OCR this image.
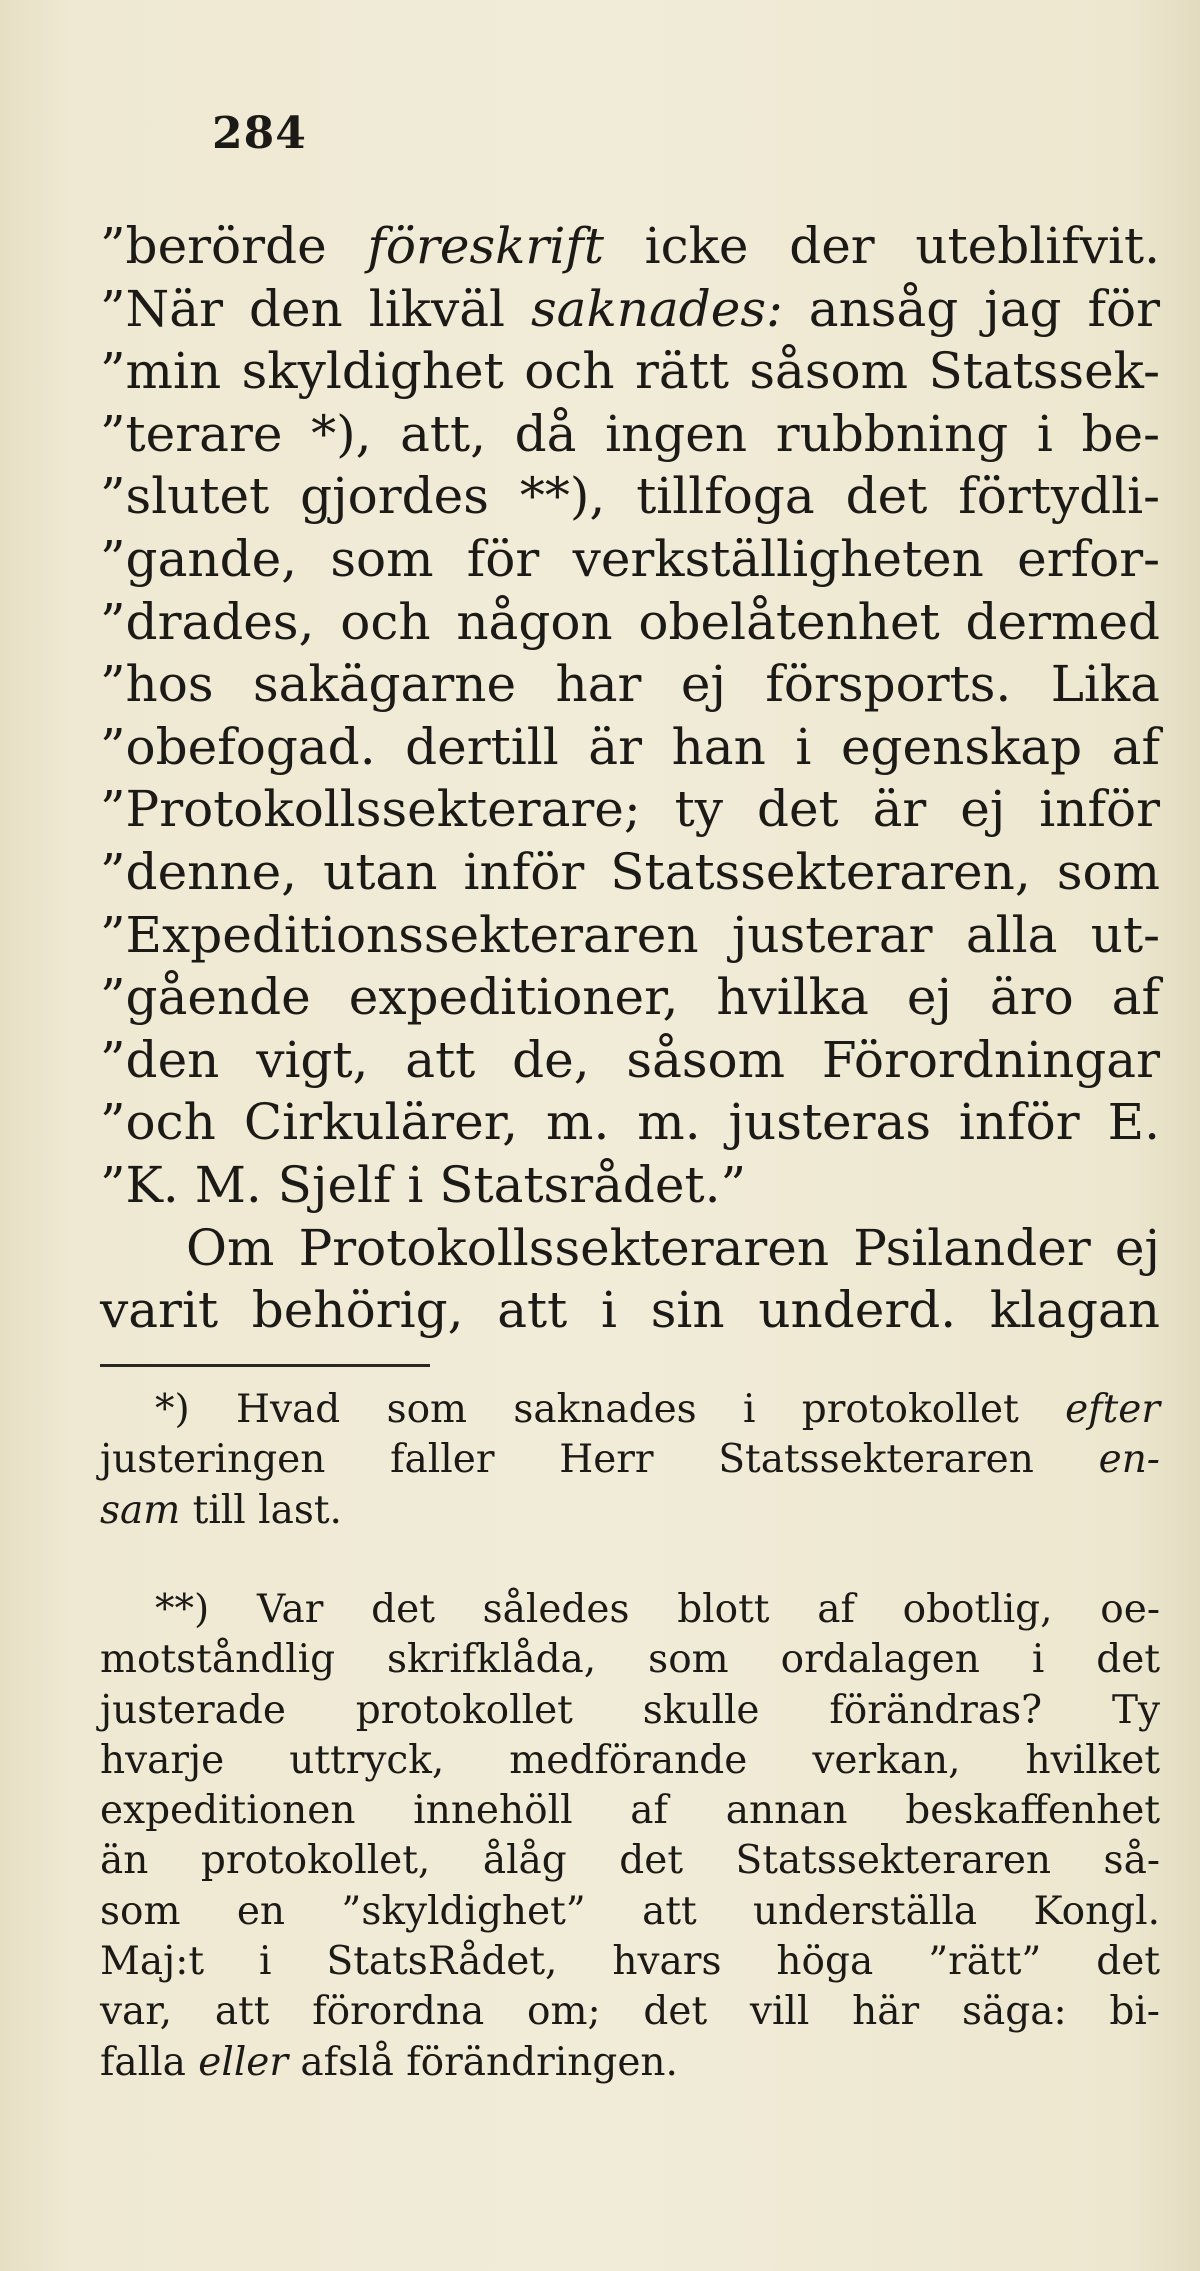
284
”berörde föreskrift icke der uteblifvit.
”När den likväl saknades: ansåg jag för
”min skyldighet och rätt såsom Statssek-
”terare *), att, då ingen rubbning i be-
”slutet gjordes **), tillfoga det förtydli-
”gande, som för verkställigheten erfor-
”drades, och någon obelåtenhet dermed
”hos sakägarne har ej försports. Lika
”obefogad. dertill är han i egenskap af
”Protokollssekterare; ty det är ej inför
”denne, utan inför Statssekteraren, som
”Expeditionssekteraren justerar alla ut-
”gående expeditioner, hvilka ej äro af
”den vigt, att de, såsom Förordningar
”och Cirkulärer, m. m. justeras inför E.
”K. M. Sjelf i Statsrådet.”
Om Protokollssekteraren Psilander ej
varit behörig, att i sin underd. klagan
*) Hvad som saknades i protokollet efter
justeringen faller Herr Statssekteraren en-
sam till last.
**) Var det således blott af obotlig, oe-
motståndlig skrifklåda, som ordalagen i det
justerade protokollet skulle förändras? Ty
hvarje uttryck, medförande verkan, hvilket
expeditionen innehöll af annan beskaffenhet
än protokollet, ålåg det Statssekteraren så-
som en ”skyldighet” att underställa Kongl.
Maj:t i StatsRådet, hvars höga ”rätt” det
var, att förordna om; det vill här säga: bi-
falla eller afslå förändringen.
